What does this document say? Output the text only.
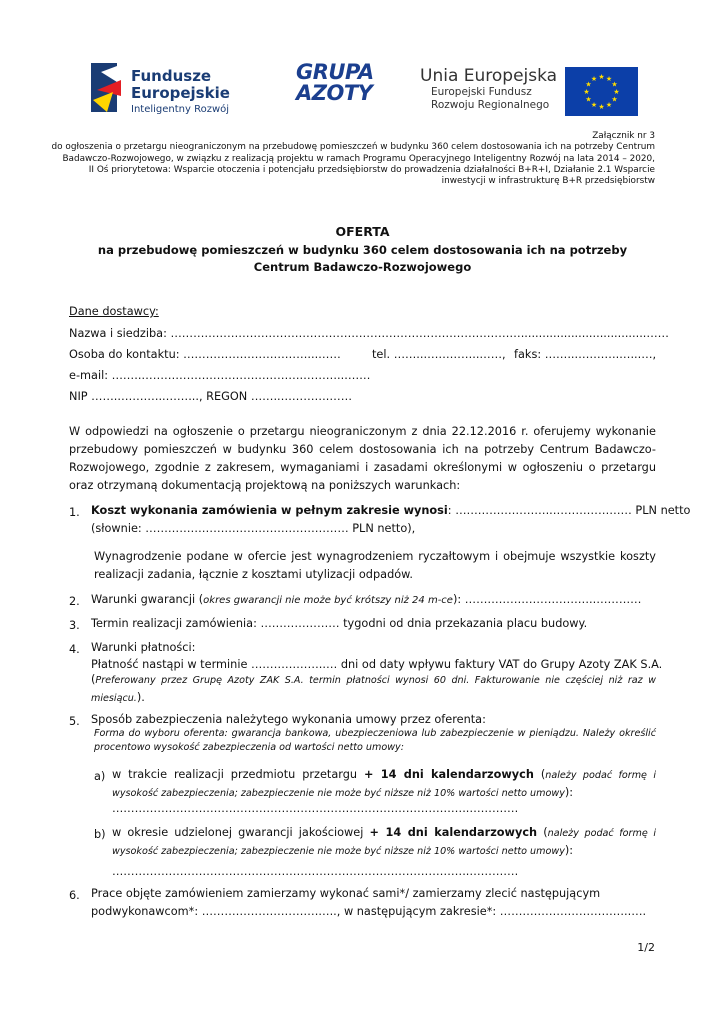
Fundusze
Europejskie
Inteligentny Rozwój
GRUPA
AZOTY
Unia Europejska
Europejski Fundusz
Rozwoju Regionalnego
★ ★
★
★
★
★
★
★
★
★
★
★
Załącznik nr 3
do ogłoszenia o przetargu nieograniczonym na przebudowę pomieszczeń w budynku 360 celem dostosowania ich na potrzeby Centrum
Badawczo-Rozwojowego, w związku z realizacją projektu w ramach Programu Operacyjnego Inteligentny Rozwój na lata 2014 – 2020,
II Oś priorytetowa: Wsparcie otoczenia i potencjału przedsiębiorstw do prowadzenia działalności B+R+I, Działanie 2.1 Wsparcie
inwestycji w infrastrukturę B+R przedsiębiorstw
OFERTA
na przebudowę pomieszczeń w budynku 360 celem dostosowania ich na potrzeby
Centrum Badawczo-Rozwojowego
Dane dostawcy:
Nazwa i siedziba: …………………………………………………………………………………...................................……
Osoba do kontaktu: ……………………………...……	tel. ……...…………..……, faks: ……...………..…...…,
e-mail: ……..…………………………………….………...……
NIP ……..………...……..., REGON ……..………….……
W odpowiedzi na ogłoszenie o przetargu nieograniczonym z dnia 22.12.2016 r. oferujemy wykonanie przebudowy pomieszczeń w budynku 360 celem dostosowania ich na potrzeby Centrum Badawczo-Rozwojowego, zgodnie z zakresem, wymaganiami i zasadami określonymi w ogłoszeniu o przetargu oraz otrzymaną dokumentacją projektową na poniższych warunkach:
1. Koszt wykonania zamówienia w pełnym zakresie wynosi: ……………………..………………… PLN netto
(słownie: ……………………………………………… PLN netto),
Wynagrodzenie podane w ofercie jest wynagrodzeniem ryczałtowym i obejmuje wszystkie koszty realizacji zadania, łącznie z kosztami utylizacji odpadów.
2. Warunki gwarancji (okres gwarancji nie może być krótszy niż 24 m-ce): ……………………………..…………
3. Termin realizacji zamówienia: ………………… tygodni od dnia przekazania placu budowy.
4. Warunki płatności:
Płatność nastąpi w terminie ………………..… dni od daty wpływu faktury VAT do Grupy Azoty ZAK S.A.
(Preferowany przez Grupę Azoty ZAK S.A. termin płatności wynosi 60 dni. Fakturowanie nie częściej niż raz w miesiącu.).
5. Sposób zabezpieczenia należytego wykonania umowy przez oferenta:
Forma do wyboru oferenta: gwarancja bankowa, ubezpieczeniowa lub zabezpieczenie w pieniądzu. Należy określić procentowo wysokość zabezpieczenia od wartości netto umowy:
a) w trakcie realizacji przedmiotu przetargu + 14 dni kalendarzowych (należy podać formę i wysokość zabezpieczenia; zabezpieczenie nie może być niższe niż 10% wartości netto umowy):
…………………………………………………………………………………..………….
b) w okresie udzielonej gwarancji jakościowej + 14 dni kalendarzowych (należy podać formę i wysokość zabezpieczenia; zabezpieczenie nie może być niższe niż 10% wartości netto umowy):
…………………………………………………………………………………..………….
6. Prace objęte zamówieniem zamierzamy wykonać sami*/ zamierzamy zlecić następującym
podwykonawcom*: ………………………….….., w następującym zakresie*: ……………………………..….
1/2
